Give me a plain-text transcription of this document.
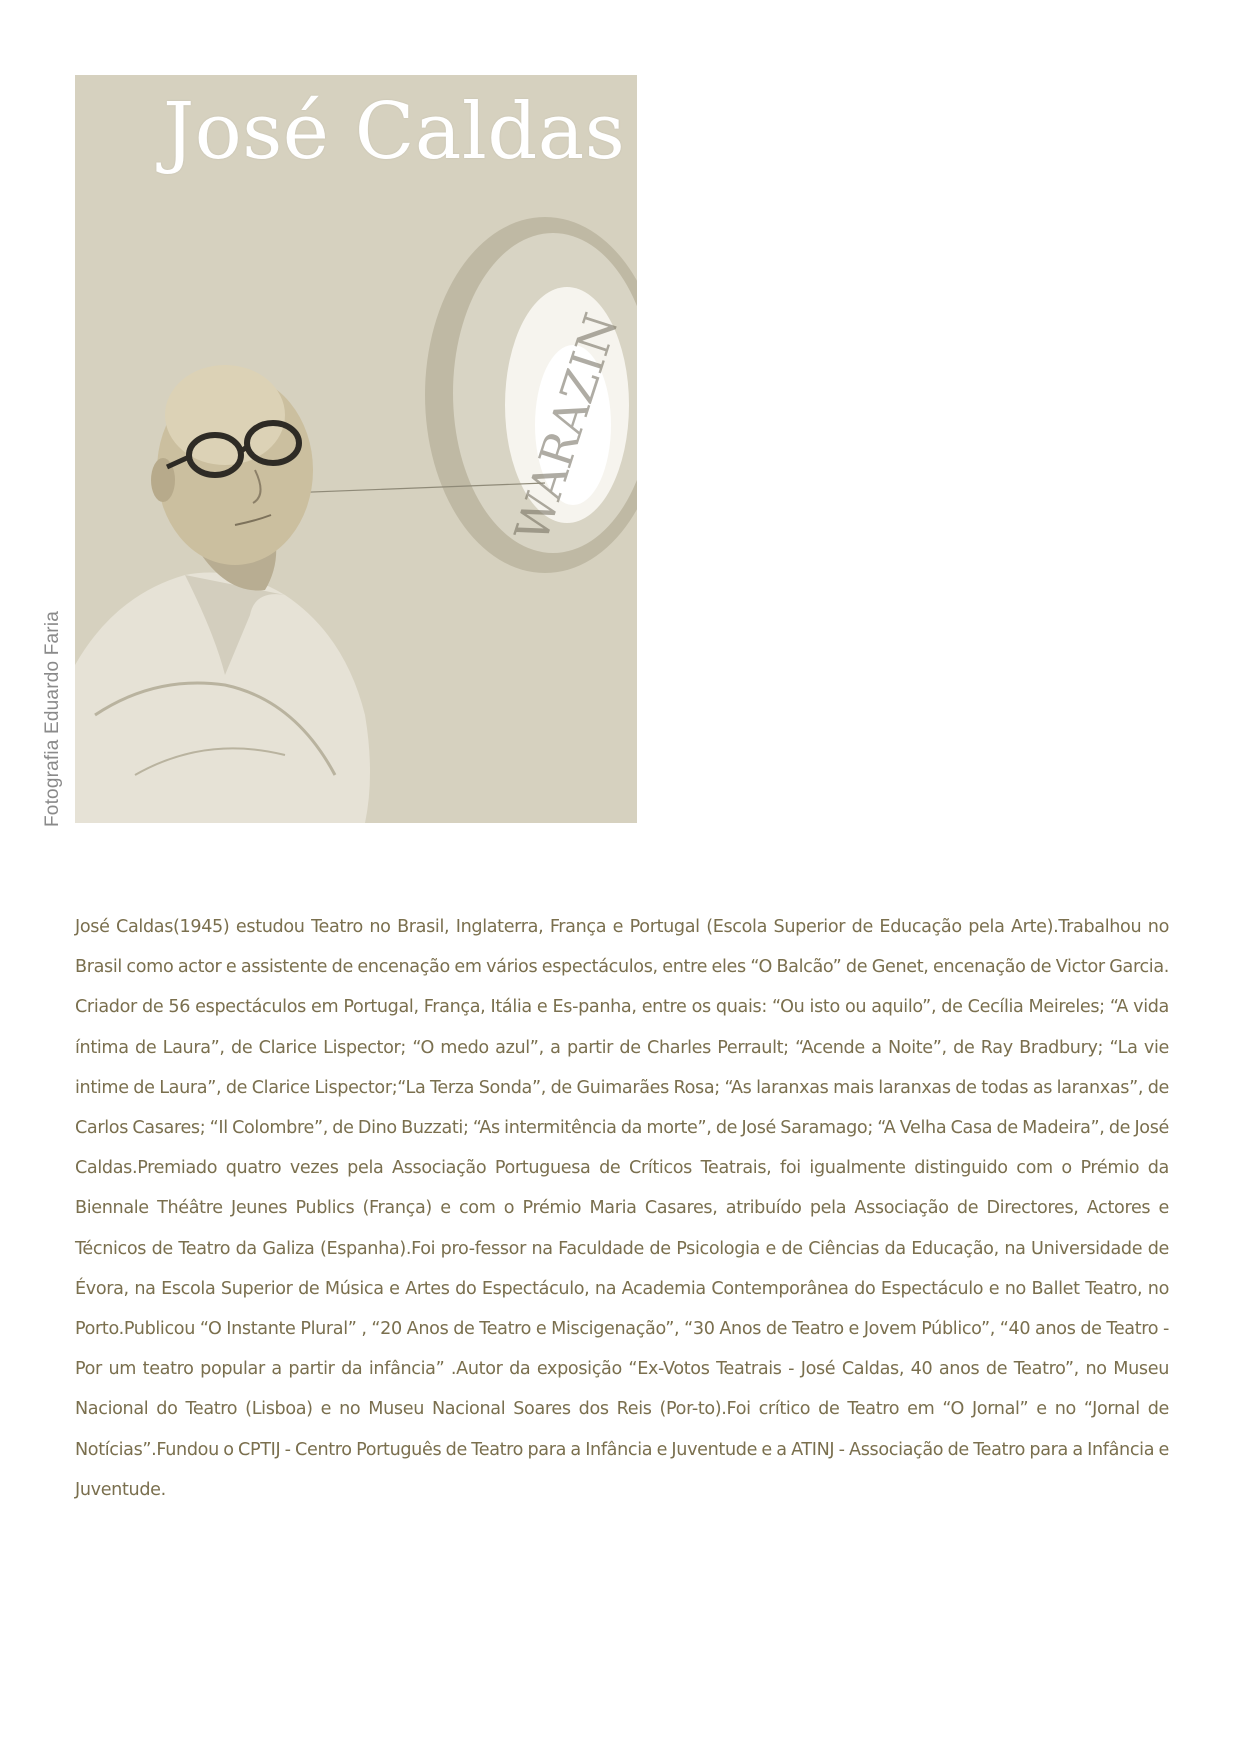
WARAZIN
José Caldas
Fotografia Eduardo Faria
José Caldas(1945) estudou Teatro no Brasil, Inglaterra, França e Portugal (Escola Superior de Educação pela Arte).Trabalhou no Brasil como actor e assistente de encenação em vários espectáculos, entre eles “O Balcão” de Genet, encenação de Victor Garcia. Criador de 56 espectáculos em Portugal, França, Itália e Es-panha, entre os quais: “Ou isto ou aquilo”, de Cecília Meireles; “A vida íntima de Laura”, de Clarice Lispector; “O medo azul”, a partir de Charles Perrault; “Acende a Noite”, de Ray Bradbury; “La vie intime de Laura”, de Clarice Lispector;“La Terza Sonda”, de Guimarães Rosa; “As laranxas mais laranxas de todas as laranxas”, de Carlos Casares; “Il Colombre”, de Dino Buzzati; “As intermitência da morte”, de José Saramago; “A Velha Casa de Madeira”, de José Caldas.Premiado quatro vezes pela Associação Portuguesa de Críticos Teatrais, foi igualmente distinguido com o Prémio da Biennale Théâtre Jeunes Publics (França) e com o Prémio Maria Casares, atribuído pela Associação de Directores, Actores e Técnicos de Teatro da Galiza (Espanha).Foi pro-fessor na Faculdade de Psicologia e de Ciências da Educação, na Universidade de Évora, na Escola Superior de Música e Artes do Espectáculo, na Academia Contemporânea do Espectáculo e no Ballet Teatro, no Porto.Publicou “O Instante Plural” , “20 Anos de Teatro e Miscigenação”, “30 Anos de Teatro e Jovem Público”, “40 anos de Teatro - Por um teatro popular a partir da infância” .Autor da exposição “Ex-Votos Teatrais - José Caldas, 40 anos de Teatro”, no Museu Nacional do Teatro (Lisboa) e no Museu Nacional Soares dos Reis (Por-to).Foi crítico de Teatro em “O Jornal” e no “Jornal de Notícias”.Fundou o CPTIJ - Centro Português de Teatro para a Infância e Juventude e a ATINJ - Associação de Teatro para a Infância e Juventude.
